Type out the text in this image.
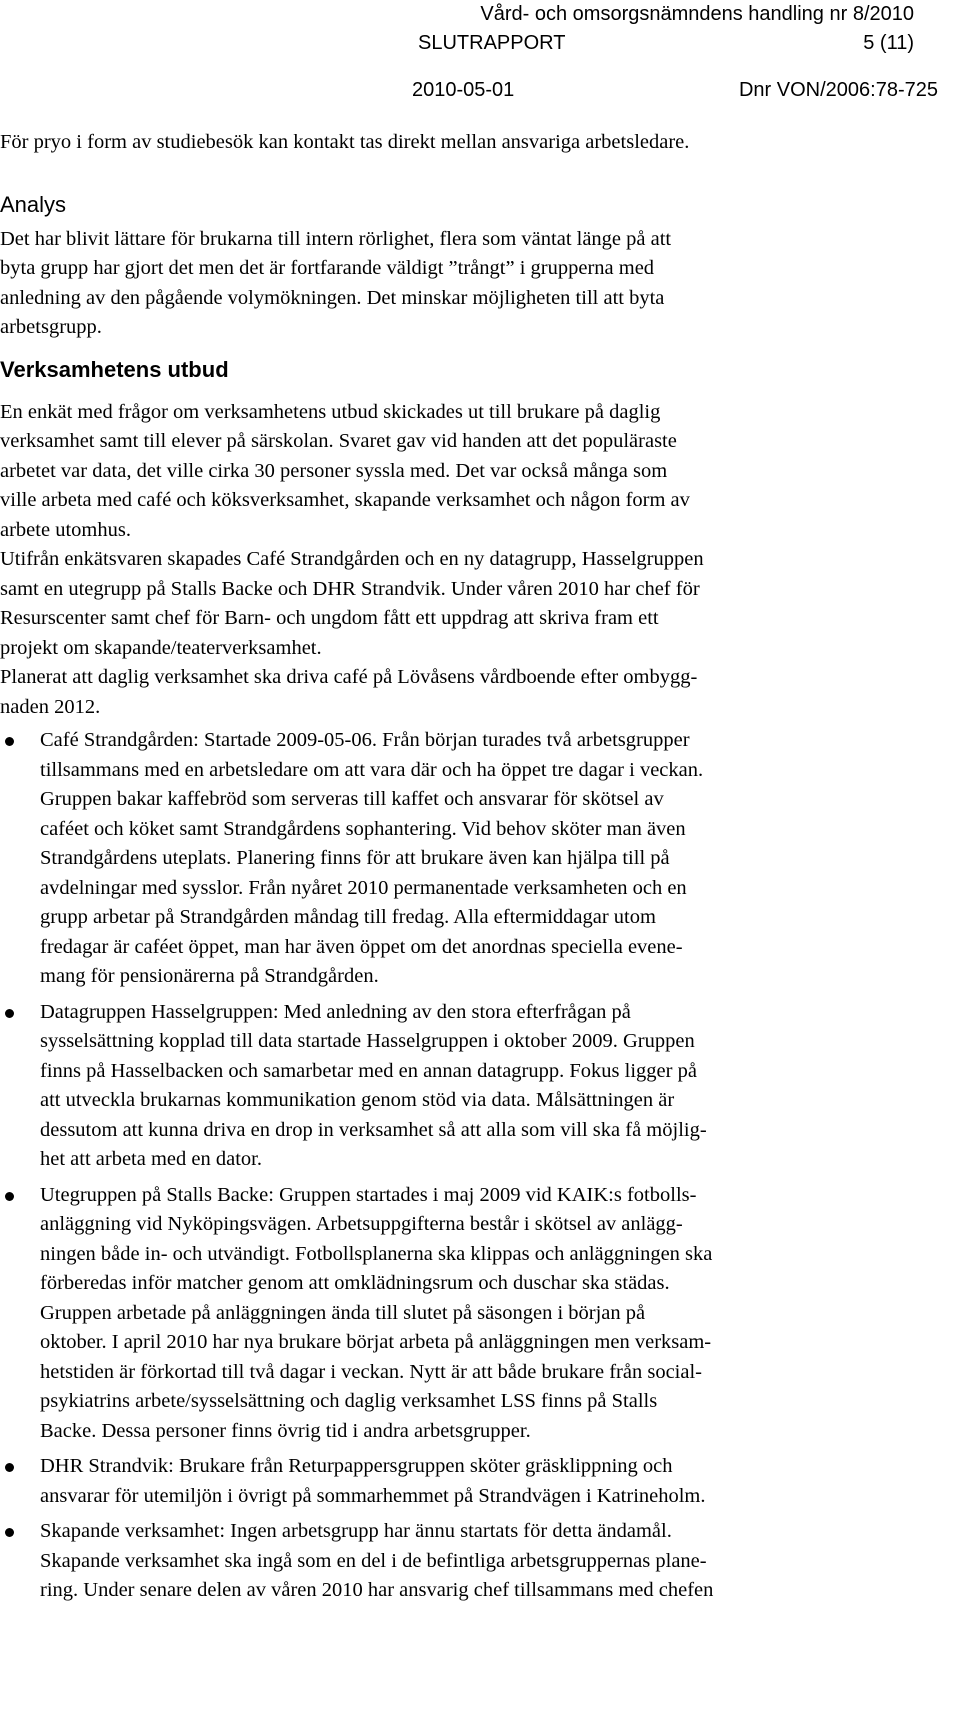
Vård- och omsorgsnämndens handling nr 8/2010
SLUTRAPPORT	5 (11)
2010-05-01	Dnr VON/2006:78-725

För pryo i form av studiebesök kan kontakt tas direkt mellan ansvariga arbetsledare.

Analys

Det har blivit lättare för brukarna till intern rörlighet, flera som väntat länge på att
byta grupp har gjort det men det är fortfarande väldigt ”trångt” i grupperna med
anledning av den pågående volymökningen. Det minskar möjligheten till att byta
arbetsgrupp.

Verksamhetens utbud

En enkät med frågor om verksamhetens utbud skickades ut till brukare på daglig
verksamhet samt till elever på särskolan. Svaret gav vid handen att det populäraste
arbetet var data, det ville cirka 30 personer syssla med. Det var också många som
ville arbeta med café och köksverksamhet, skapande verksamhet och någon form av
arbete utomhus.

Utifrån enkätsvaren skapades Café Strandgården och en ny datagrupp, Hasselgruppen
samt en utegrupp på Stalls Backe och DHR Strandvik. Under våren 2010 har chef för
Resurscenter samt chef för Barn- och ungdom fått ett uppdrag att skriva fram ett
projekt om skapande/teaterverksamhet.

Planerat att daglig verksamhet ska driva café på Lövåsens vårdboende efter ombygg-
naden 2012.

Café Strandgården: Startade 2009-05-06. Från början turades två arbetsgrupper
tillsammans med en arbetsledare om att vara där och ha öppet tre dagar i veckan.
Gruppen bakar kaffebröd som serveras till kaffet och ansvarar för skötsel av
caféet och köket samt Strandgårdens sophantering. Vid behov sköter man även
Strandgårdens uteplats. Planering finns för att brukare även kan hjälpa till på
avdelningar med sysslor. Från nyåret 2010 permanentade verksamheten och en
grupp arbetar på Strandgården måndag till fredag. Alla eftermiddagar utom
fredagar är caféet öppet, man har även öppet om det anordnas speciella evene-
mang för pensionärerna på Strandgården.
Datagruppen Hasselgruppen: Med anledning av den stora efterfrågan på
sysselsättning kopplad till data startade Hasselgruppen i oktober 2009. Gruppen
finns på Hasselbacken och samarbetar med en annan datagrupp. Fokus ligger på
att utveckla brukarnas kommunikation genom stöd via data. Målsättningen är
dessutom att kunna driva en drop in verksamhet så att alla som vill ska få möjlig-
het att arbeta med en dator.
Utegruppen på Stalls Backe: Gruppen startades i maj 2009 vid KAIK:s fotbolls-
anläggning vid Nyköpingsvägen. Arbetsuppgifterna består i skötsel av anlägg-
ningen både in- och utvändigt. Fotbollsplanerna ska klippas och anläggningen ska
förberedas inför matcher genom att omklädningsrum och duschar ska städas.
Gruppen arbetade på anläggningen ända till slutet på säsongen i början på
oktober. I april 2010 har nya brukare börjat arbeta på anläggningen men verksam-
hetstiden är förkortad till två dagar i veckan. Nytt är att både brukare från social-
psykiatrins arbete/sysselsättning och daglig verksamhet LSS finns på Stalls
Backe. Dessa personer finns övrig tid i andra arbetsgrupper.
DHR Strandvik: Brukare från Returpappersgruppen sköter gräsklippning och
ansvarar för utemiljön i övrigt på sommarhemmet på Strandvägen i Katrineholm.
Skapande verksamhet: Ingen arbetsgrupp har ännu startats för detta ändamål.
Skapande verksamhet ska ingå som en del i de befintliga arbetsgruppernas plane-
ring. Under senare delen av våren 2010 har ansvarig chef tillsammans med chefen
